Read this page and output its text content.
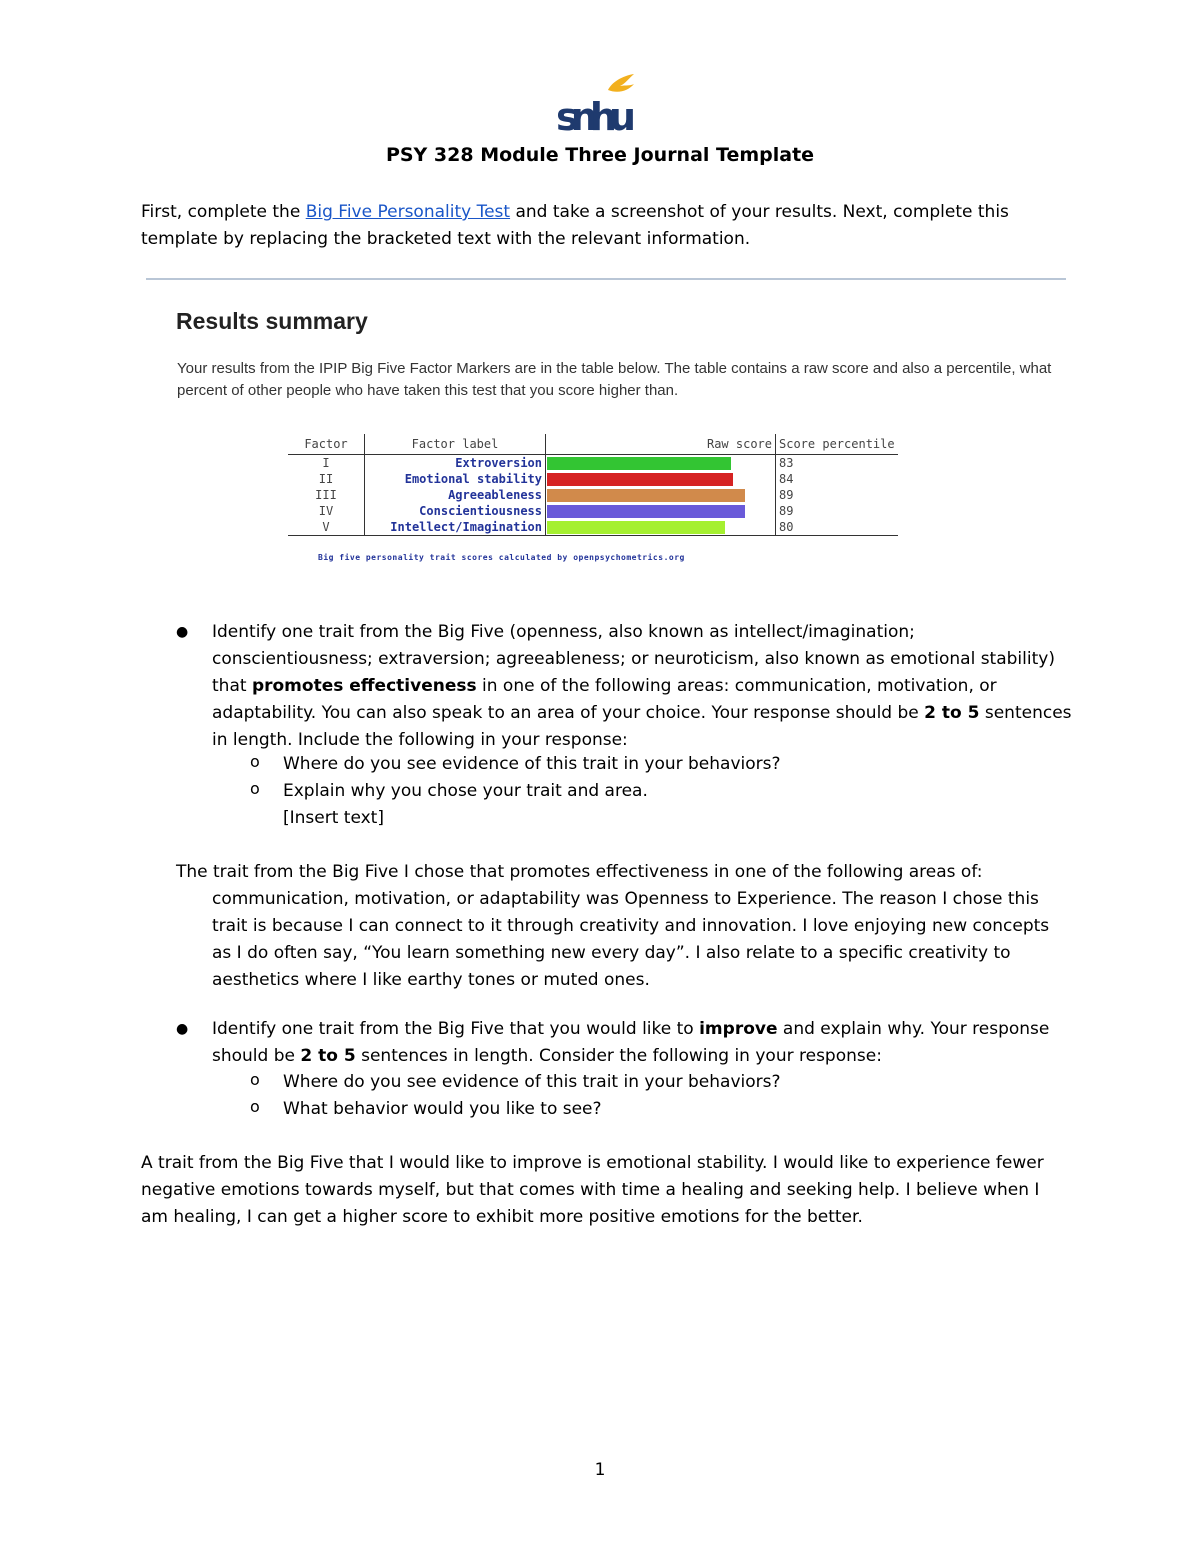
snhu
PSY 328 Module Three Journal Template
First, complete the Big Five Personality Test and take a screenshot of your results. Next, complete this template by replacing the bracketed text with the relevant information.
Results summary
Your results from the IPIP Big Five Factor Markers are in the table below. The table contains a raw score and also a percentile, what percent of other people who have taken this test that you score higher than.
Factor	Factor label	Raw score	Score percentile
I	Extroversion		83
II	Emotional stability		84
III	Agreeableness		89
IV	Conscientiousness		89
V	Intellect/Imagination		80
Big five personality trait scores calculated by openpsychometrics.org
● Identify one trait from the Big Five (openness, also known as intellect/imagination; conscientiousness; extraversion; agreeableness; or neuroticism, also known as emotional stability) that promotes effectiveness in one of the following areas: communication, motivation, or adaptability. You can also speak to an area of your choice. Your response should be 2 to 5 sentences in length. Include the following in your response:
o Where do you see evidence of this trait in your behaviors?
o Explain why you chose your trait and area.
[Insert text]
The trait from the Big Five I chose that promotes effectiveness in one of the following areas of: communication, motivation, or adaptability was Openness to Experience. The reason I chose this trait is because I can connect to it through creativity and innovation. I love enjoying new concepts as I do often say, “You learn something new every day”. I also relate to a specific creativity to aesthetics where I like earthy tones or muted ones.
● Identify one trait from the Big Five that you would like to improve and explain why. Your response should be 2 to 5 sentences in length. Consider the following in your response:
o Where do you see evidence of this trait in your behaviors?
o What behavior would you like to see?
A trait from the Big Five that I would like to improve is emotional stability. I would like to experience fewer negative emotions towards myself, but that comes with time a healing and seeking help. I believe when I am healing, I can get a higher score to exhibit more positive emotions for the better.
1
